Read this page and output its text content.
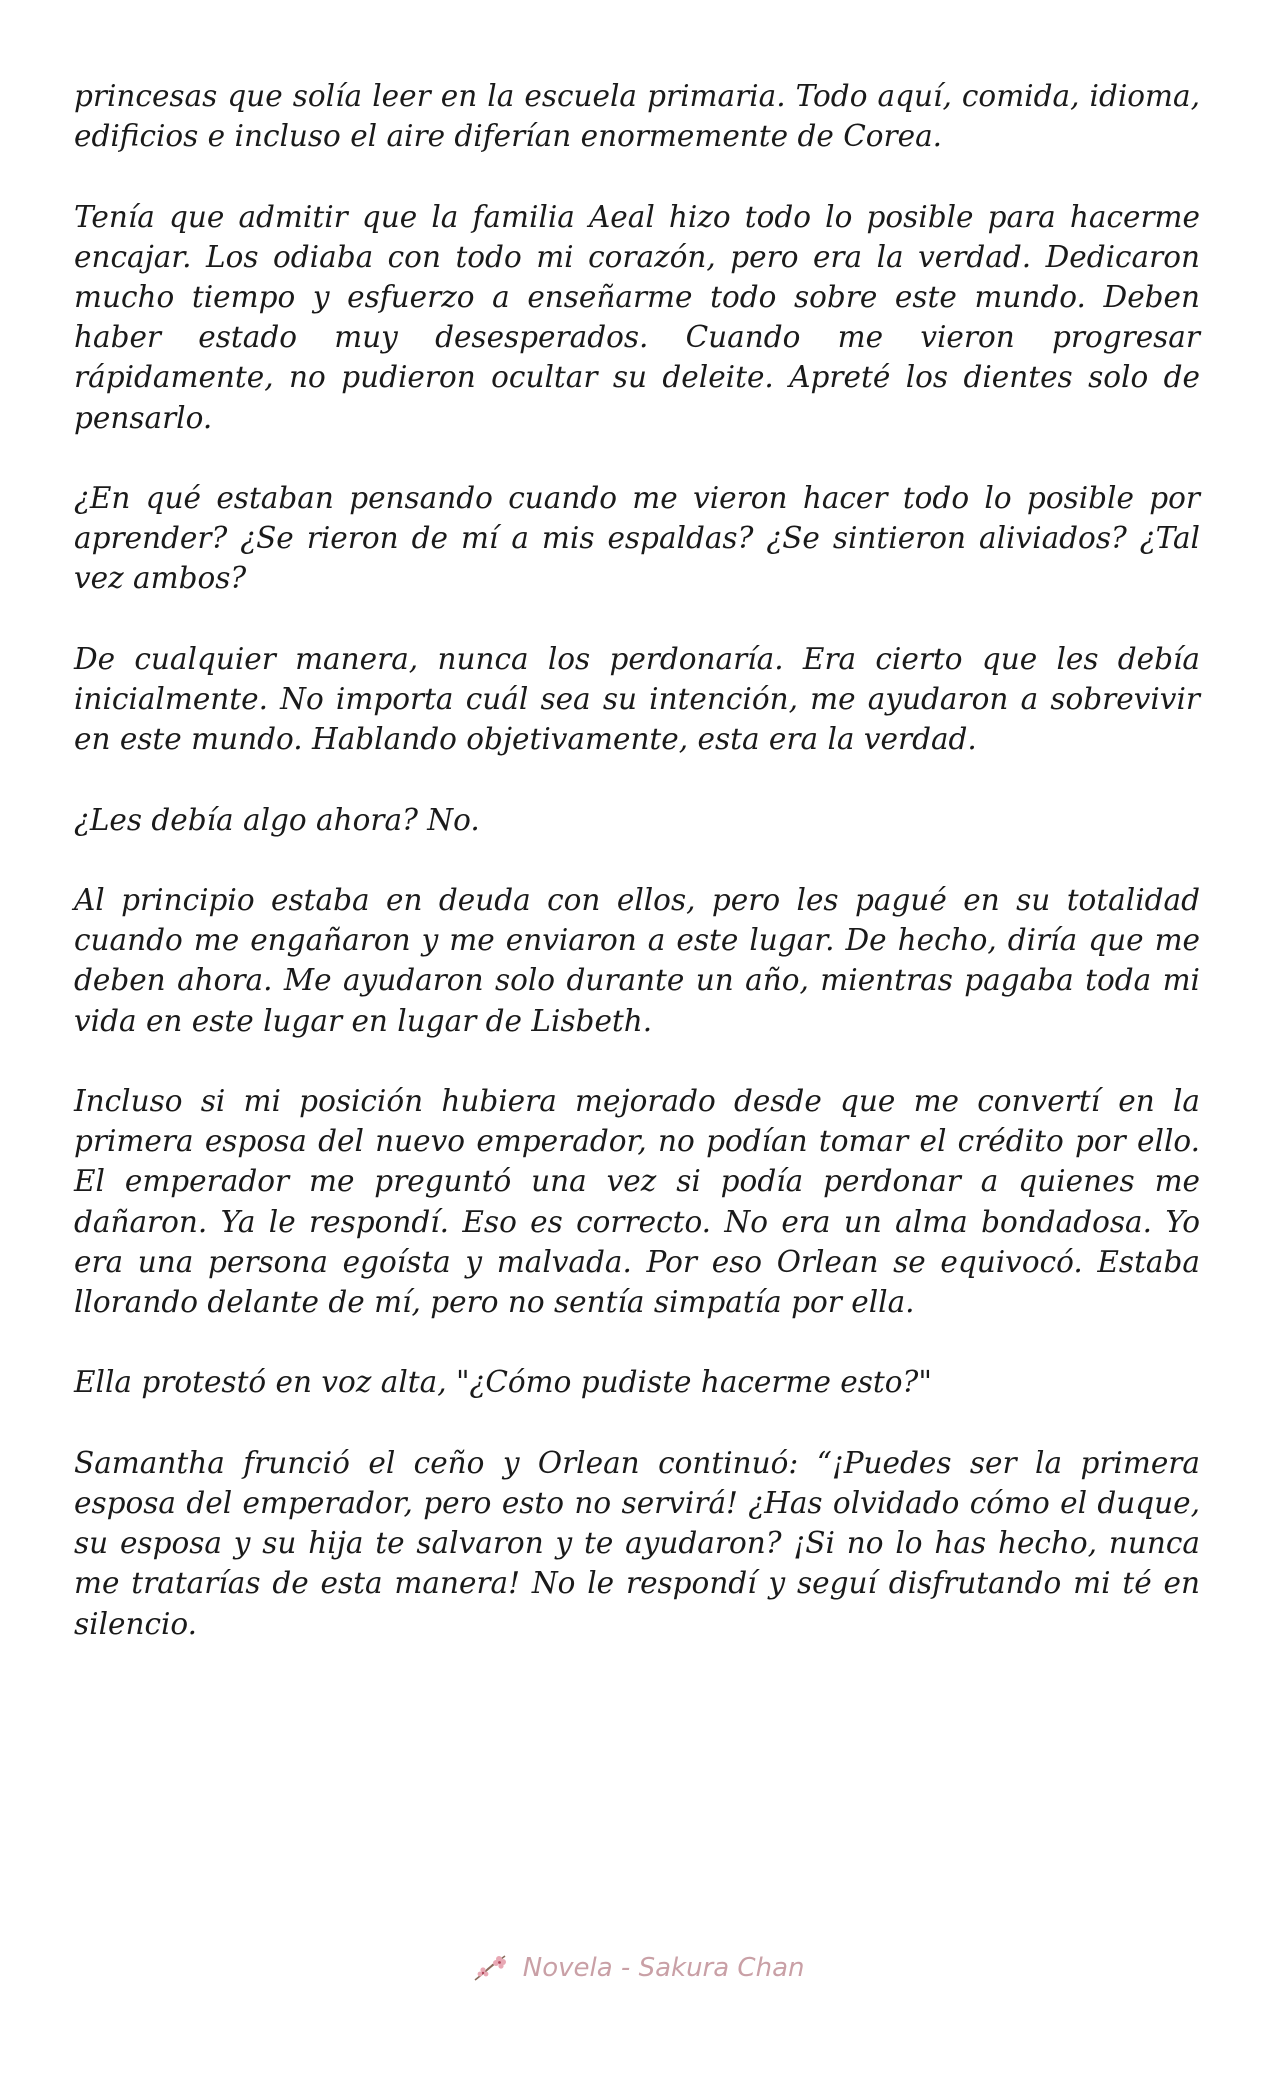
princesas que solía leer en la escuela primaria. Todo aquí, comida, idioma, edificios e incluso el aire diferían enormemente de Corea.

Tenía que admitir que la familia Aeal hizo todo lo posible para hacerme encajar. Los odiaba con todo mi corazón, pero era la verdad. Dedicaron mucho tiempo y esfuerzo a enseñarme todo sobre este mundo. Deben haber estado muy desesperados. Cuando me vieron progresar rápidamente, no pudieron ocultar su deleite. Apreté los dientes solo de pensarlo.

¿En qué estaban pensando cuando me vieron hacer todo lo posible por aprender? ¿Se rieron de mí a mis espaldas? ¿Se sintieron aliviados? ¿Tal vez ambos?

De cualquier manera, nunca los perdonaría. Era cierto que les debía inicialmente. No importa cuál sea su intención, me ayudaron a sobrevivir en este mundo. Hablando objetivamente, esta era la verdad.

¿Les debía algo ahora? No.

Al principio estaba en deuda con ellos, pero les pagué en su totalidad cuando me engañaron y me enviaron a este lugar. De hecho, diría que me deben ahora. Me ayudaron solo durante un año, mientras pagaba toda mi vida en este lugar en lugar de Lisbeth.

Incluso si mi posición hubiera mejorado desde que me convertí en la primera esposa del nuevo emperador, no podían tomar el crédito por ello. El emperador me preguntó una vez si podía perdonar a quienes me dañaron. Ya le respondí. Eso es correcto. No era un alma bondadosa. Yo era una persona egoísta y malvada. Por eso Orlean se equivocó. Estaba llorando delante de mí, pero no sentía simpatía por ella.

Ella protestó en voz alta, "¿Cómo pudiste hacerme esto?"

Samantha frunció el ceño y Orlean continuó: “¡Puedes ser la primera esposa del emperador, pero esto no servirá! ¿Has olvidado cómo el duque, su esposa y su hija te salvaron y te ayudaron? ¡Si no lo has hecho, nunca me tratarías de esta manera! No le respondí y seguí disfrutando mi té en silencio.

Novela - Sakura Chan
